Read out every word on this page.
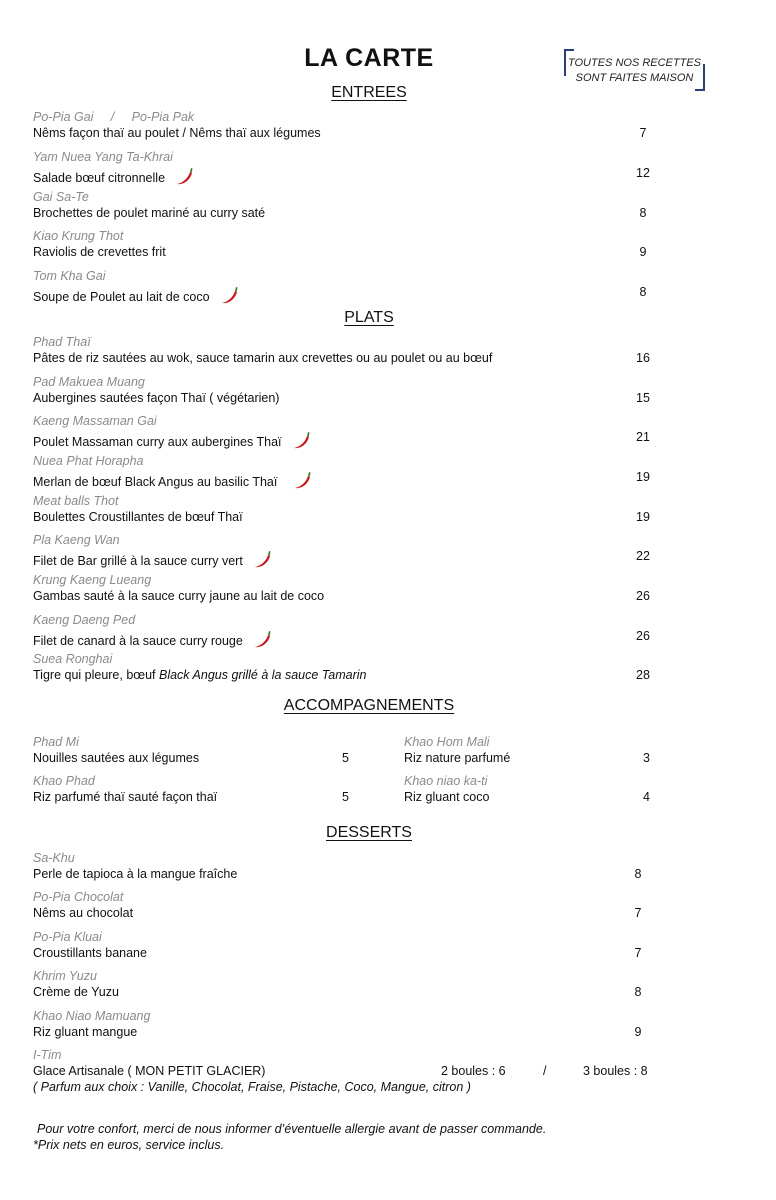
LA CARTE	TOUTES NOS RECETTES
SONT FAITES MAISON
ENTREES
Po-Pia Gai     /     Po-Pia Pak
Nêms façon thaï au poulet / Nêms thaï aux légumes	7
Yam Nuea Yang Ta-Khrai
Salade bœuf citronnelle	12
Gai Sa-Te
Brochettes de poulet mariné au curry saté	8
Kiao Krung Thot
Raviolis de crevettes frit	9
Tom Kha Gai
Soupe de Poulet au lait de coco	8
PLATS
Phad Thaï
Pâtes de riz sautées au wok, sauce tamarin aux crevettes ou au poulet ou au bœuf	16
Pad Makuea Muang
Aubergines sautées façon Thaï ( végétarien)	15
Kaeng Massaman Gai
Poulet Massaman curry aux aubergines Thaï	21
Nuea Phat Horapha
Merlan de bœuf Black Angus au basilic Thaï	19
Meat balls Thot
Boulettes Croustillantes de bœuf Thaï	19
Pla Kaeng Wan
Filet de Bar grillé à la sauce curry vert	22
Krung Kaeng Lueang
Gambas sauté à la sauce curry jaune au lait de coco	26
Kaeng Daeng Ped
Filet de canard à la sauce curry rouge	26
Suea Ronghai
Tigre qui pleure, bœuf Black Angus grillé à la sauce Tamarin	28
ACCOMPAGNEMENTS
Phad Mi
Nouilles sautées aux légumes	5
Khao Hom Mali
Riz nature parfumé	3
Khao Phad
Riz parfumé thaï sauté façon thaï	5
Khao niao ka-ti
Riz gluant coco	4
DESSERTS
Sa-Khu
Perle de tapioca à la mangue fraîche	8
Po-Pia Chocolat
Nêms au chocolat	7
Po-Pia Kluai
Croustillants banane	7
Khrim Yuzu
Crème de Yuzu	8
Khao Niao Mamuang
Riz gluant mangue	9
I-Tim
Glace Artisanale ( MON PETIT GLACIER)	2 boules : 6	/	3 boules : 8
( Parfum aux choix : Vanille, Chocolat, Fraise, Pistache, Coco, Mangue, citron )
Pour votre confort, merci de nous informer d’éventuelle allergie avant de passer commande.
*Prix nets en euros, service inclus.
